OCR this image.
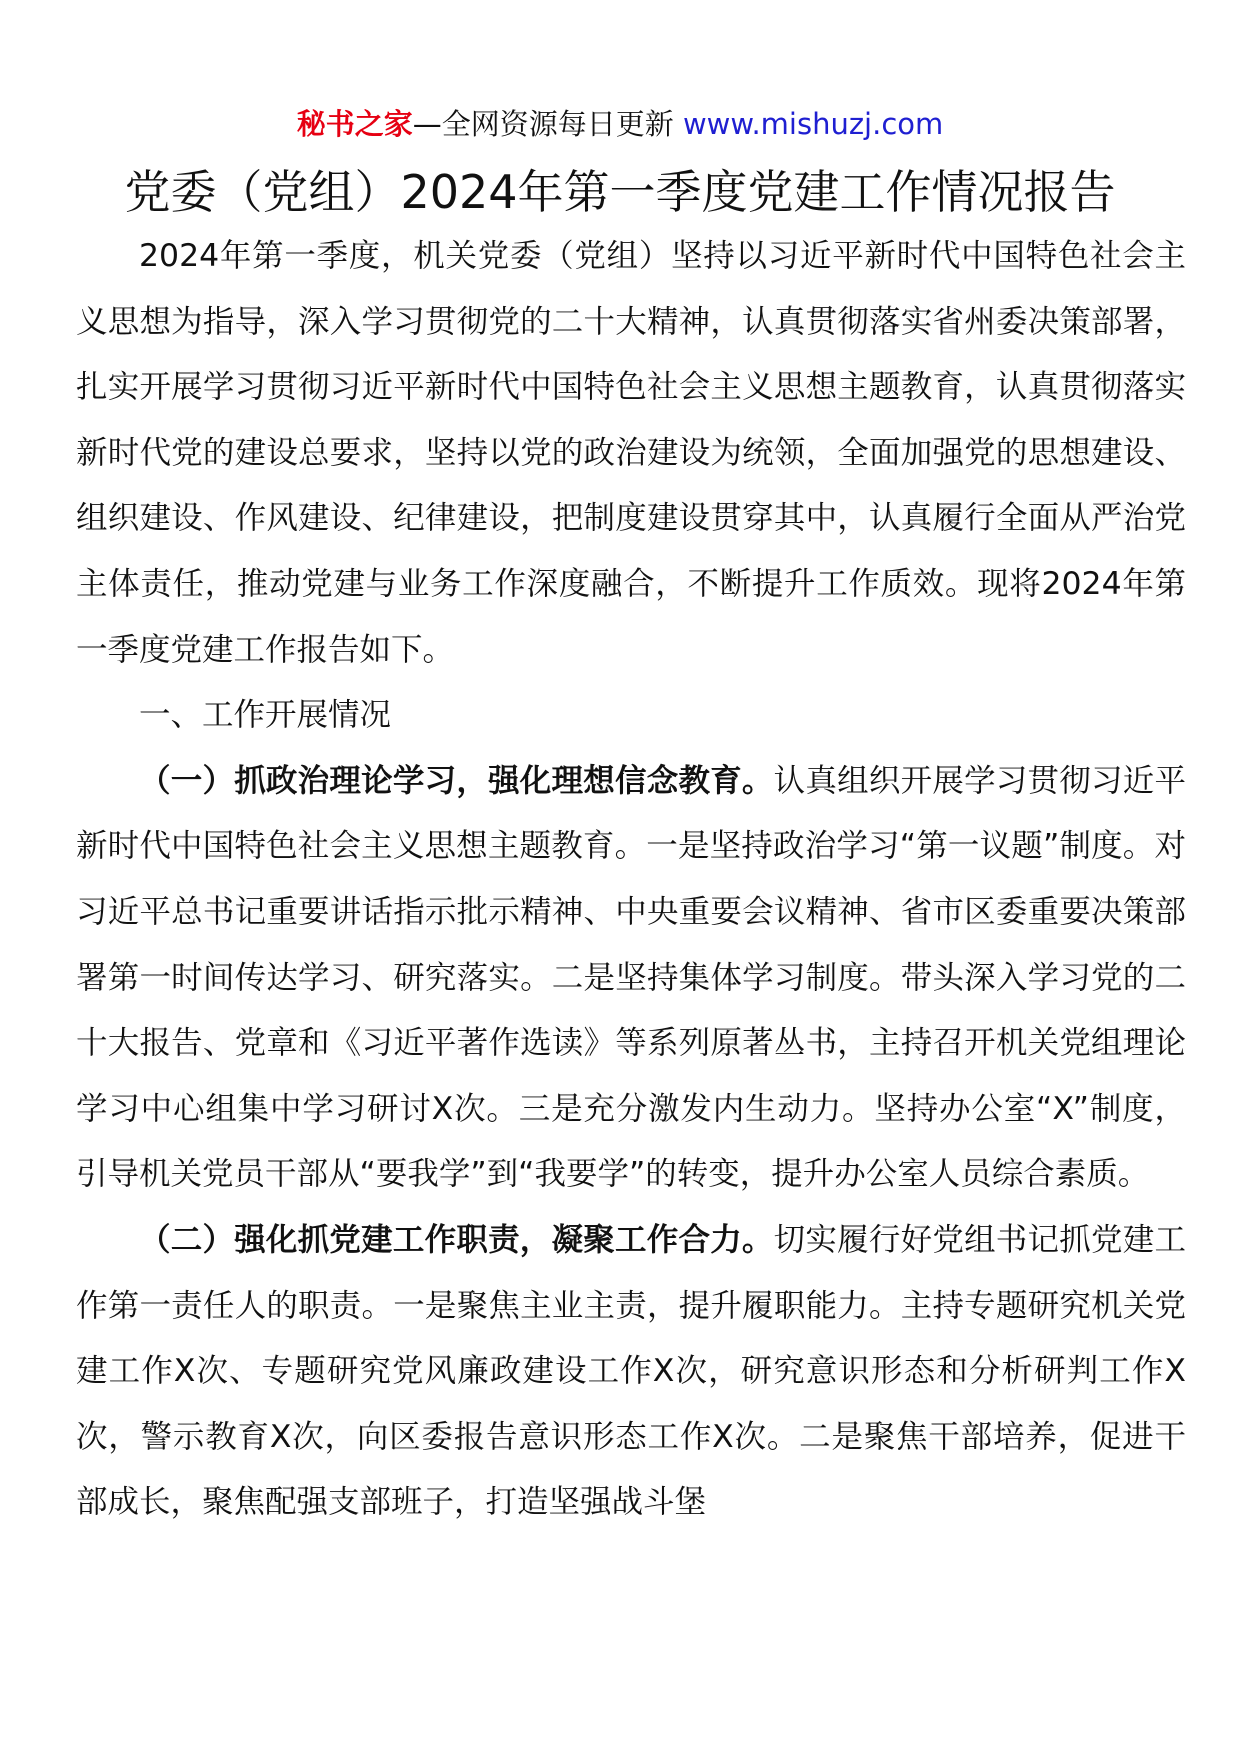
秘书之家—全网资源每日更新 www.mishuzj.com
党委（党组）2024年第一季度党建工作情况报告

2024年第一季度，机关党委（党组）坚持以习近平新时代中国特色社会主义思想为指导，深入学习贯彻党的二十大精神，认真贯彻落实省州委决策部署，扎实开展学习贯彻习近平新时代中国特色社会主义思想主题教育，认真贯彻落实新时代党的建设总要求，坚持以党的政治建设为统领，全面加强党的思想建设、组织建设、作风建设、纪律建设，把制度建设贯穿其中，认真履行全面从严治党主体责任，推动党建与业务工作深度融合，不断提升工作质效。现将2024年第一季度党建工作报告如下。

一、工作开展情况

（一）抓政治理论学习，强化理想信念教育。认真组织开展学习贯彻习近平新时代中国特色社会主义思想主题教育。一是坚持政治学习“第一议题”制度。对习近平总书记重要讲话指示批示精神、中央重要会议精神、省市区委重要决策部署第一时间传达学习、研究落实。二是坚持集体学习制度。带头深入学习党的二十大报告、党章和《习近平著作选读》等系列原著丛书，主持召开机关党组理论学习中心组集中学习研讨X次。三是充分激发内生动力。坚持办公室“X”制度，引导机关党员干部从“要我学”到“我要学”的转变，提升办公室人员综合素质。

（二）强化抓党建工作职责，凝聚工作合力。切实履行好党组书记抓党建工作第一责任人的职责。一是聚焦主业主责，提升履职能力。主持专题研究机关党建工作X次、专题研究党风廉政建设工作X次，研究意识形态和分析研判工作X次，警示教育X次，向区委报告意识形态工作X次。二是聚焦干部培养，促进干部成长，聚焦配强支部班子，打造坚强战斗堡
